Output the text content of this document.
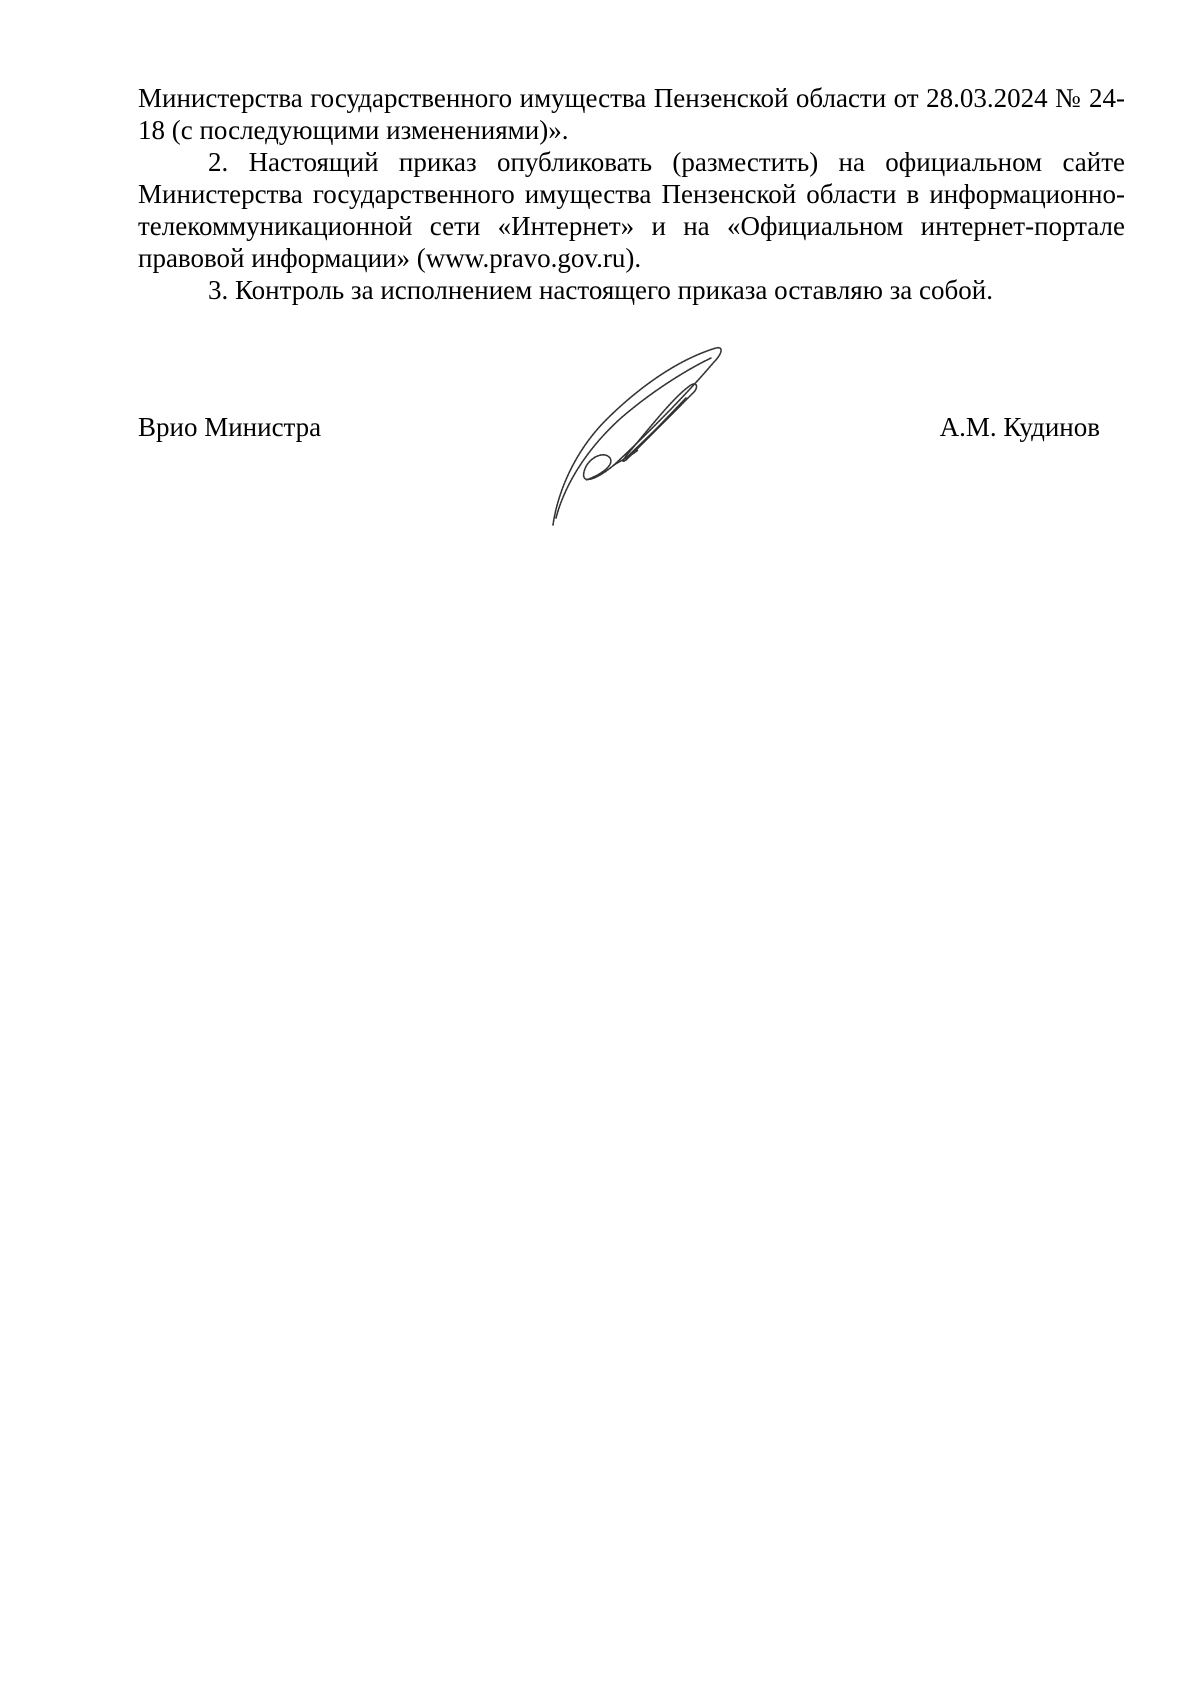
Министерства государственного имущества Пензенской области от 28.03.2024 № 24-18 (с последующими изменениями)».

2. Настоящий приказ опубликовать (разместить) на официальном сайте Министерства государственного имущества Пензенской области в информационно-телекоммуникационной сети «Интернет» и на «Официальном интернет-портале правовой информации» (www.pravo.gov.ru).

3. Контроль за исполнением настоящего приказа оставляю за собой.

Врио Министра	А.М. Кудинов
